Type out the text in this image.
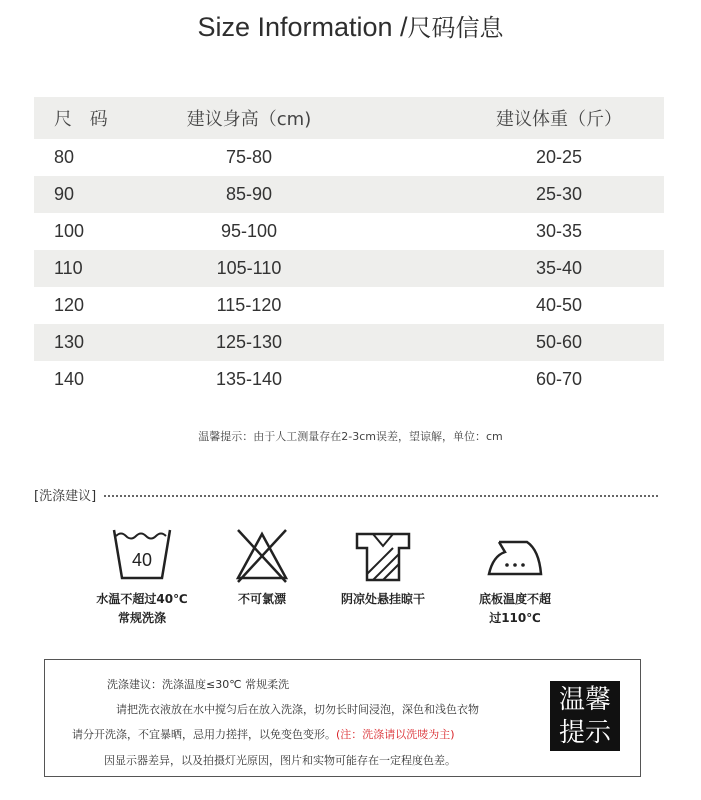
Size Information /尺码信息
尺 码	建议身高（cm)	建议体重（斤）
80	75-80	20-25
90	85-90	25-30
100	95-100	30-35
110	105-110	35-40
120	115-120	40-50
130	125-130	50-60
140	135-140	60-70
温馨提示：由于人工测量存在2-3cm误差，望谅解，单位：cm
[洗涤建议]
40
水温不超过40℃
常规洗涤
不可氯漂	阴凉处悬挂晾干	底板温度不超
过110℃
洗涤建议：洗涤温度≤30℃ 常规柔洗
请把洗衣液放在水中搅匀后在放入洗涤，切勿长时间浸泡，深色和浅色衣物
请分开洗涤，不宜暴晒，忌用力搓拌，以免变色变形。(注：洗涤请以洗唛为主)
因显示器差异，以及拍摄灯光原因，图片和实物可能存在一定程度色差。
温馨
提示
